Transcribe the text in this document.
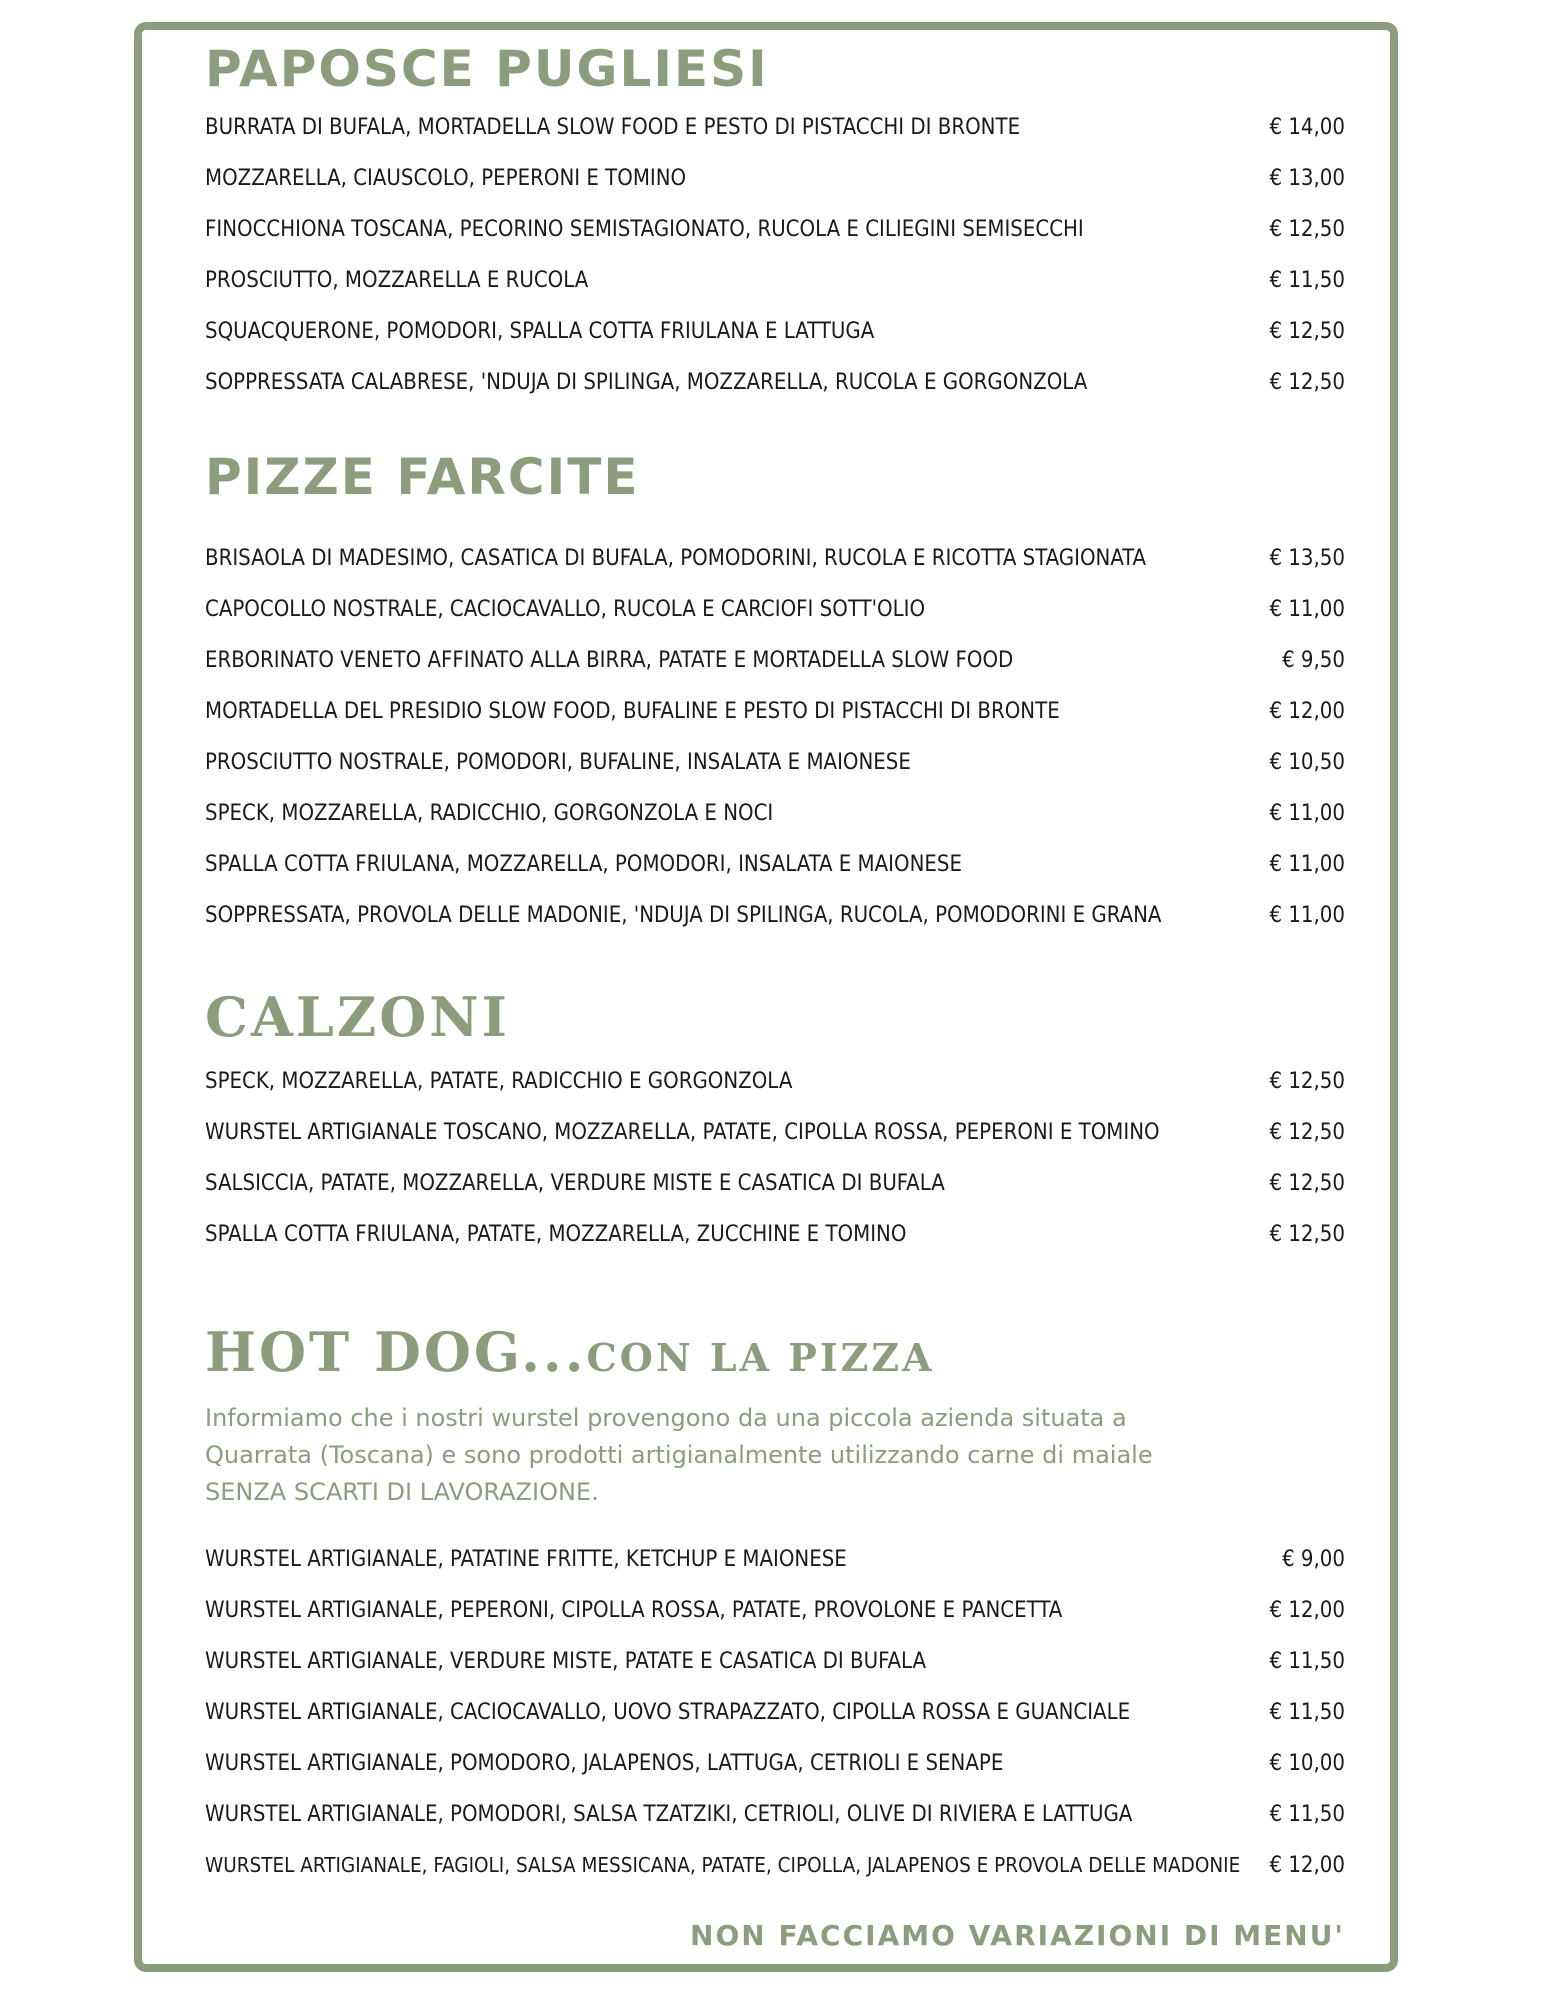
PAPOSCE PUGLIESI
BURRATA DI BUFALA, MORTADELLA SLOW FOOD E PESTO DI PISTACCHI DI BRONTE	€ 14,00
MOZZARELLA, CIAUSCOLO, PEPERONI E TOMINO	€ 13,00
FINOCCHIONA TOSCANA, PECORINO SEMISTAGIONATO, RUCOLA E CILIEGINI SEMISECCHI	€ 12,50
PROSCIUTTO, MOZZARELLA E RUCOLA	€ 11,50
SQUACQUERONE, POMODORI, SPALLA COTTA FRIULANA E LATTUGA	€ 12,50
SOPPRESSATA CALABRESE, 'NDUJA DI SPILINGA, MOZZARELLA, RUCOLA E GORGONZOLA	€ 12,50
PIZZE FARCITE
BRISAOLA DI MADESIMO, CASATICA DI BUFALA, POMODORINI, RUCOLA E RICOTTA STAGIONATA	€ 13,50
CAPOCOLLO NOSTRALE, CACIOCAVALLO, RUCOLA E CARCIOFI SOTT'OLIO	€ 11,00
ERBORINATO VENETO AFFINATO ALLA BIRRA, PATATE E MORTADELLA SLOW FOOD	€ 9,50
MORTADELLA DEL PRESIDIO SLOW FOOD, BUFALINE E PESTO DI PISTACCHI DI BRONTE	€ 12,00
PROSCIUTTO NOSTRALE, POMODORI, BUFALINE, INSALATA E MAIONESE	€ 10,50
SPECK, MOZZARELLA, RADICCHIO, GORGONZOLA E NOCI	€ 11,00
SPALLA COTTA FRIULANA, MOZZARELLA, POMODORI, INSALATA E MAIONESE	€ 11,00
SOPPRESSATA, PROVOLA DELLE MADONIE, 'NDUJA DI SPILINGA, RUCOLA, POMODORINI E GRANA	€ 11,00
CALZONI
SPECK, MOZZARELLA, PATATE, RADICCHIO E GORGONZOLA	€ 12,50
WURSTEL ARTIGIANALE TOSCANO, MOZZARELLA, PATATE, CIPOLLA ROSSA, PEPERONI E TOMINO	€ 12,50
SALSICCIA, PATATE, MOZZARELLA, VERDURE MISTE E CASATICA DI BUFALA	€ 12,50
SPALLA COTTA FRIULANA, PATATE, MOZZARELLA, ZUCCHINE E TOMINO	€ 12,50
HOT DOG...CON LA PIZZA

Informiamo che i nostri wurstel provengono da una piccola azienda situata a
Quarrata (Toscana) e sono prodotti artigianalmente utilizzando carne di maiale
SENZA SCARTI DI LAVORAZIONE.

WURSTEL ARTIGIANALE, PATATINE FRITTE, KETCHUP E MAIONESE	€ 9,00
WURSTEL ARTIGIANALE, PEPERONI, CIPOLLA ROSSA, PATATE, PROVOLONE E PANCETTA	€ 12,00
WURSTEL ARTIGIANALE, VERDURE MISTE, PATATE E CASATICA DI BUFALA	€ 11,50
WURSTEL ARTIGIANALE, CACIOCAVALLO, UOVO STRAPAZZATO, CIPOLLA ROSSA E GUANCIALE	€ 11,50
WURSTEL ARTIGIANALE, POMODORO, JALAPENOS, LATTUGA, CETRIOLI E SENAPE	€ 10,00
WURSTEL ARTIGIANALE, POMODORI, SALSA TZATZIKI, CETRIOLI, OLIVE DI RIVIERA E LATTUGA	€ 11,50
WURSTEL ARTIGIANALE, FAGIOLI, SALSA MESSICANA, PATATE, CIPOLLA, JALAPENOS E PROVOLA DELLE MADONIE € 12,00

NON FACCIAMO VARIAZIONI DI MENU'
